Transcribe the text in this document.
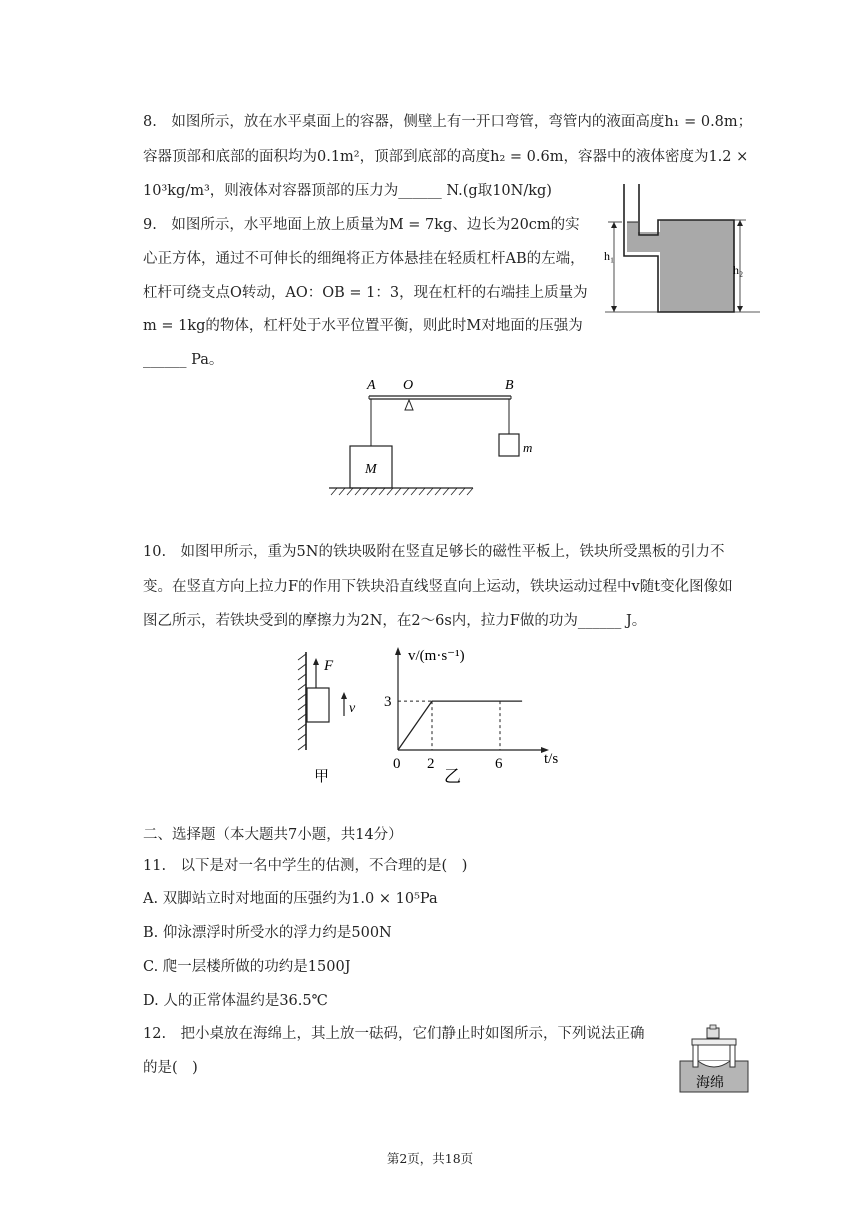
8.　如图所示，放在水平桌面上的容器，侧壁上有一开口弯管，弯管内的液面高度h₁ = 0.8m；
容器顶部和底部的面积均为0.1m²，顶部到底部的高度h₂ = 0.6m，容器中的液体密度为1.2 ×
10³kg/m³，则液体对容器顶部的压力为______ N.(g取10N/kg)
h₁
h₂
9.　如图所示，水平地面上放上质量为M = 7kg、边长为20cm的实
心正方体，通过不可伸长的细绳将正方体悬挂在轻质杠杆AB的左端，
杠杆可绕支点O转动，AO：OB = 1：3，现在杠杆的右端挂上质量为
m = 1kg的物体，杠杆处于水平位置平衡，则此时M对地面的压强为
______ Pa。
A O	B
M
m
10.　如图甲所示，重为5N的铁块吸附在竖直足够长的磁性平板上，铁块所受黑板的引力不
变。在竖直方向上拉力F的作用下铁块沿直线竖直向上运动，铁块运动过程中v随t变化图像如
图乙所示，若铁块受到的摩擦力为2N，在2～6s内，拉力F做的功为______ J。
F
v
甲
v/(m·s⁻¹)
t/s
0 2	6
3
乙
二、选择题（本大题共7小题，共14分）
11.　以下是对一名中学生的估测，不合理的是(　)
A. 双脚站立时对地面的压强约为1.0 × 10⁵Pa
B. 仰泳漂浮时所受水的浮力约是500N
C. 爬一层楼所做的功约是1500J
D. 人的正常体温约是36.5℃
12.　把小桌放在海绵上，其上放一砝码，它们静止时如图所示，下列说法正确
的是(　)
海绵
第2页，共18页
